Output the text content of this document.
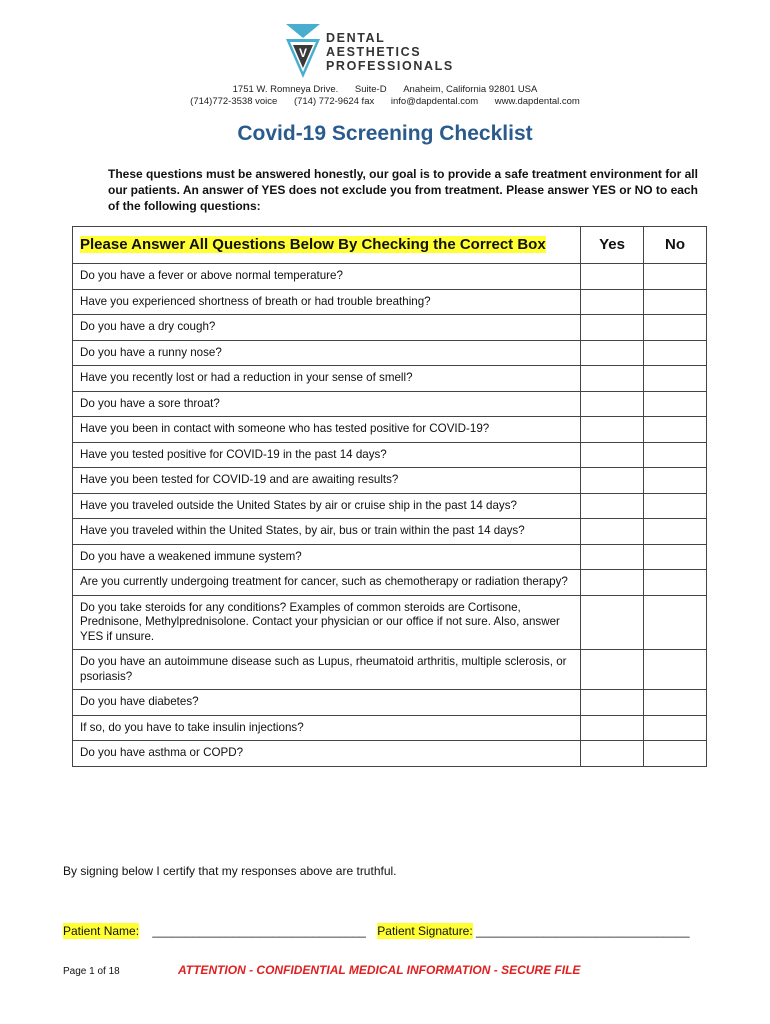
V
DENTAL
AESTHETICS
PROFESSIONALS
1751 W. Romneya Drive. Suite-D Anaheim, California 92801 USA
(714)772-3538 voice (714) 772-9624 fax info@dapdental.com www.dapdental.com
Covid-19 Screening Checklist
These questions must be answered honestly, our goal is to provide a safe treatment environment for all our patients. An answer of YES does not exclude you from treatment. Please answer YES or NO to each of the following questions:
Please Answer All Questions Below By Checking the Correct Box	Yes	No
Do you have a fever or above normal temperature?		
Have you experienced shortness of breath or had trouble breathing?		
Do you have a dry cough?		
Do you have a runny nose?		
Have you recently lost or had a reduction in your sense of smell?		
Do you have a sore throat?		
Have you been in contact with someone who has tested positive for COVID-19?		
Have you tested positive for COVID-19 in the past 14 days?		
Have you been tested for COVID-19 and are awaiting results?		
Have you traveled outside the United States by air or cruise ship in the past 14 days?		
Have you traveled within the United States, by air, bus or train within the past 14 days?		
Do you have a weakened immune system?		
Are you currently undergoing treatment for cancer, such as chemotherapy or radiation therapy?		
Do you take steroids for any conditions? Examples of common steroids are Cortisone, Prednisone, Methylprednisolone. Contact your physician or our office if not sure. Also, answer YES if unsure.		
Do you have an autoimmune disease such as Lupus, rheumatoid arthritis, multiple sclerosis, or psoriasis?		
Do you have diabetes?		
If so, do you have to take insulin injections?		
Do you have asthma or COPD?		
By signing below I certify that my responses above are truthful.
Patient Name: ________________________________ Patient Signature: ________________________________
Page 1 of 18	ATTENTION - CONFIDENTIAL MEDICAL INFORMATION - SECURE FILE
